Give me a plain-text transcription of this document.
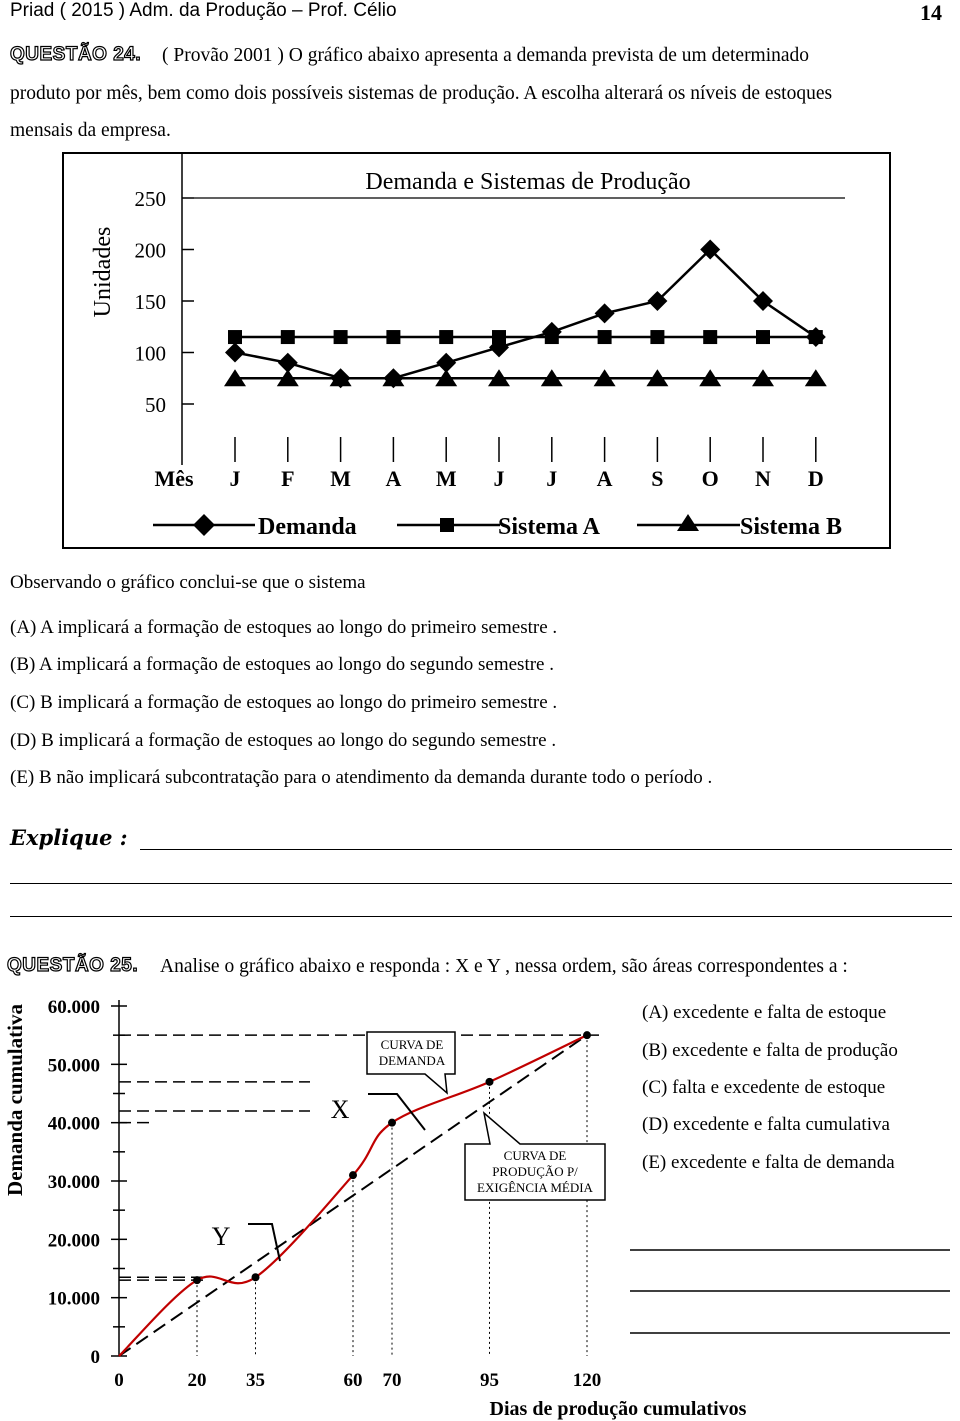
Priad ( 2015 ) Adm. da Produção – Prof. Célio	14
QUESTÃO 24. ( Provão 2001 ) O gráfico abaixo apresenta a demanda prevista de um determinado
produto por mês, bem como dois possíveis sistemas de produção. A escolha alterará os níveis de estoques
mensais da empresa.
Demanda e Sistemas de Produção
Unidades
Mês
250
200
150
100
50
J F M A M J J A S O N D
Demanda	Sistema A	Sistema B
Observando o gráfico conclui-se que o sistema
(A) A implicará a formação de estoques ao longo do primeiro semestre .
(B) A implicará a formação de estoques ao longo do segundo semestre .
(C) B implicará a formação de estoques ao longo do primeiro semestre .
(D) B implicará a formação de estoques ao longo do segundo semestre .
(E) B não implicará subcontratação para o atendimento da demanda durante todo o período .
Explique :
QUESTÃO 25. Analise o gráfico abaixo e responda : X e Y , nessa ordem, são áreas correspondentes a :
Demanda cumulativa
Dias de produção cumulativos
60.000
50.000
40.000
30.000
20.000
10.000
0
0	20 35	60 70	95	120
CURVA DE
DEMANDA
CURVA DE
PRODUÇÃO P/
EXIGÊNCIA MÉDIA
X
Y
(A) excedente e falta de estoque
(B) excedente e falta de produção
(C) falta e excedente de estoque
(D) excedente e falta cumulativa
(E) excedente e falta de demanda
